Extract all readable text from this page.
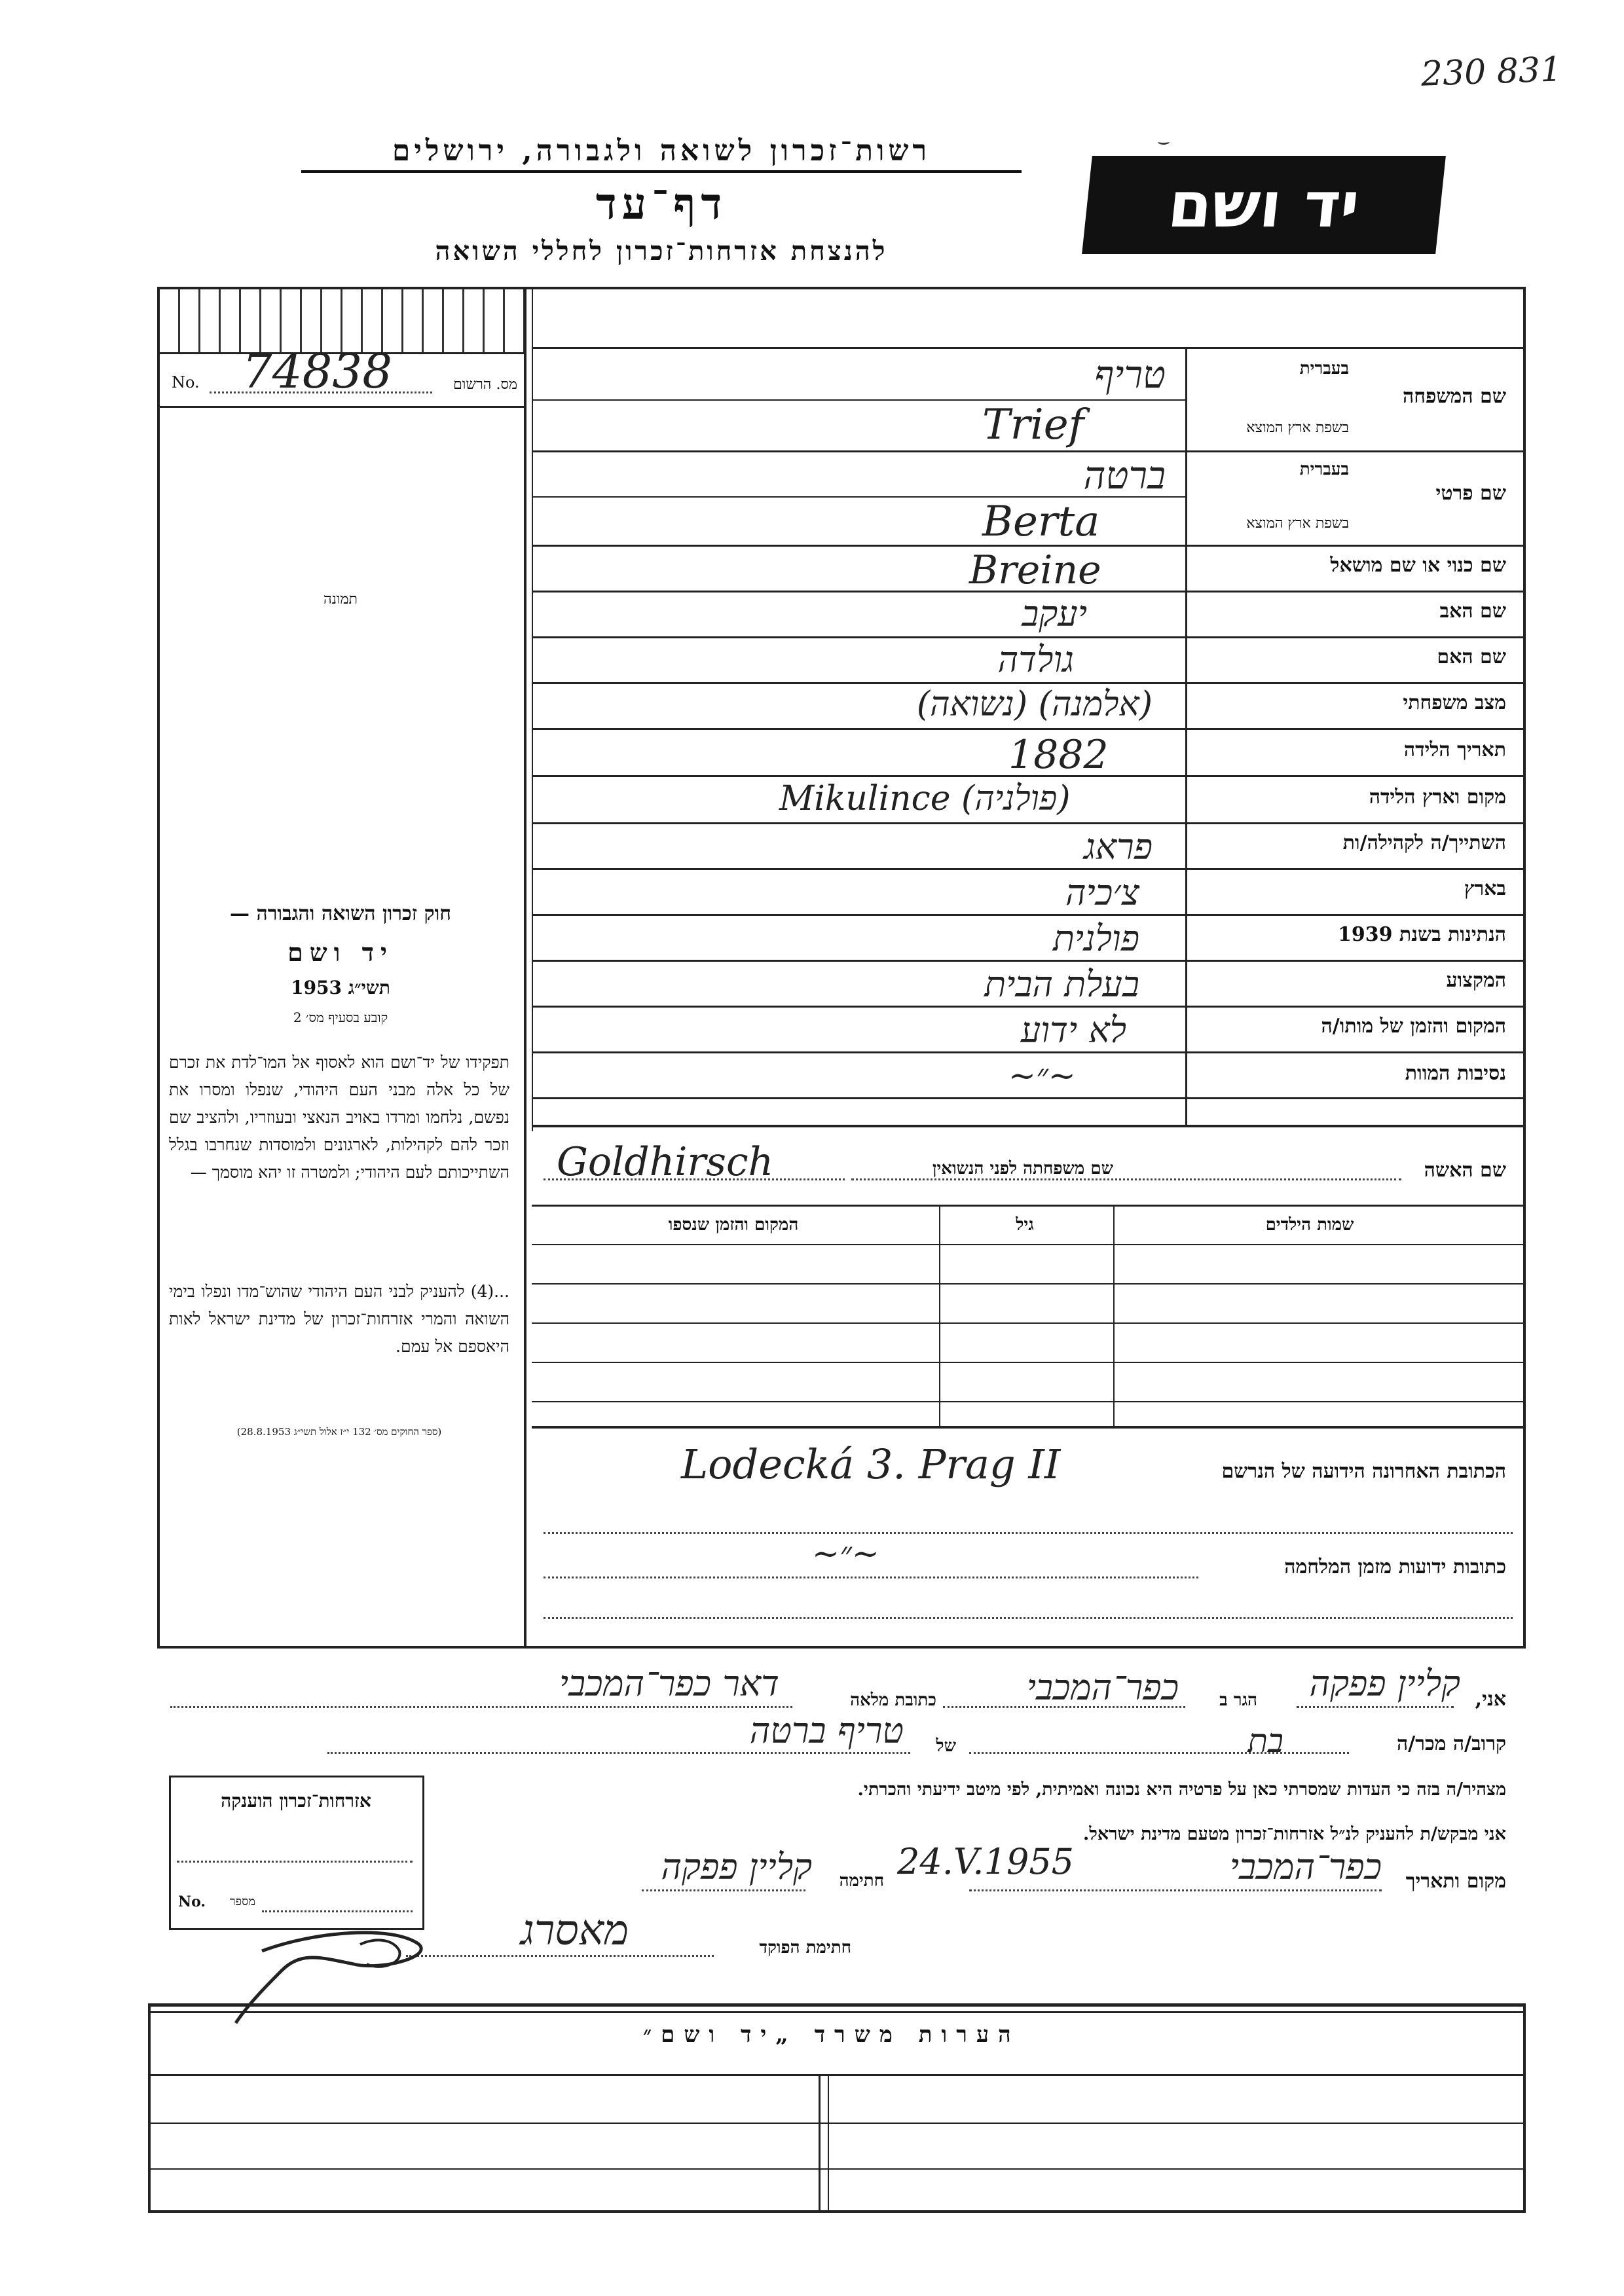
230 831
רשות־זכרון לשואה ולגבורה, ירושלים
דף־עד
להנצחת אזרחות־זכרון לחללי השואה
יד ושם
No. 74838	מס. הרשום
תמונה
חוק זכרון השואה והגבורה —
יד ושם
תשי״ג 1953
קובע בסעיף מס׳ 2
תפקידו של יד־ושם הוא לאסוף אל המו־לדת את זכרם של כל אלה מבני העם היהודי, שנפלו ומסרו את נפשם, נלחמו ומרדו באויב הנאצי ובעוזריו, ולהציב שם וזכר להם לקהילות, לארגונים ולמוסדות שנחרבו בגלל השתייכותם לעם היהודי; ולמטרה זו יהא מוסמך —
...(4) להעניק לבני העם היהודי שהוש־מדו ונפלו בימי השואה והמרי אזרחות־זכרון של מדינת ישראל לאות היאספם אל עמם.
(ספר החוקים מס׳ 132 י״ז אלול תשי״ג 28.8.1953)
שם המשפחה
בעברית
בשפת ארץ המוצא
טריף
Trief
שם פרטי
בעברית
בשפת ארץ המוצא
ברטה
Berta
שם כנוי או שם מושאל
Breine
שם האב
יעקב
שם האם
גולדה
מצב משפחתי
(אלמנה) (נשואה)
תאריך הלידה
1882
מקום וארץ הלידה
Mikulince (פולניה)
השתייך/ה לקהילה/ות
פראג
בארץ
צ׳כיה
הנתינות בשנת 1939
פולנית
המקצוע
בעלת הבית
המקום והזמן של מותו/ה
לא ידוע
נסיבות המוות
~״~
שם האשה
שם משפחתה לפני הנשואין
Goldhirsch
שמות הילדים
גיל
המקום והזמן שנספו
הכתובת האחרונה הידועה של הנרשם
Lodecká 3. Prag II
כתובות ידועות מזמן המלחמה
~״~
אני,
קליין פפקה
הגר ב
כפר־המכבי
כתובת מלאה
דאר כפר־המכבי
קרוב/ה מכר/ה
בת
של
טריף ברטה
מצהיר/ה בזה כי העדות שמסרתי כאן על פרטיה היא נכונה ואמיתית, לפי מיטב ידיעתי והכרתי.
אני מבקש/ת להעניק לנ״ל אזרחות־זכרון מטעם מדינת ישראל.
מקום ותאריך
כפר־המכבי
24.V.1955
חתימה
קליין פפקה
חתימת הפוקד
מאסרג
אזרחות־זכרון הוענקה
No.	מספר
הערות משרד „יד ושם״
